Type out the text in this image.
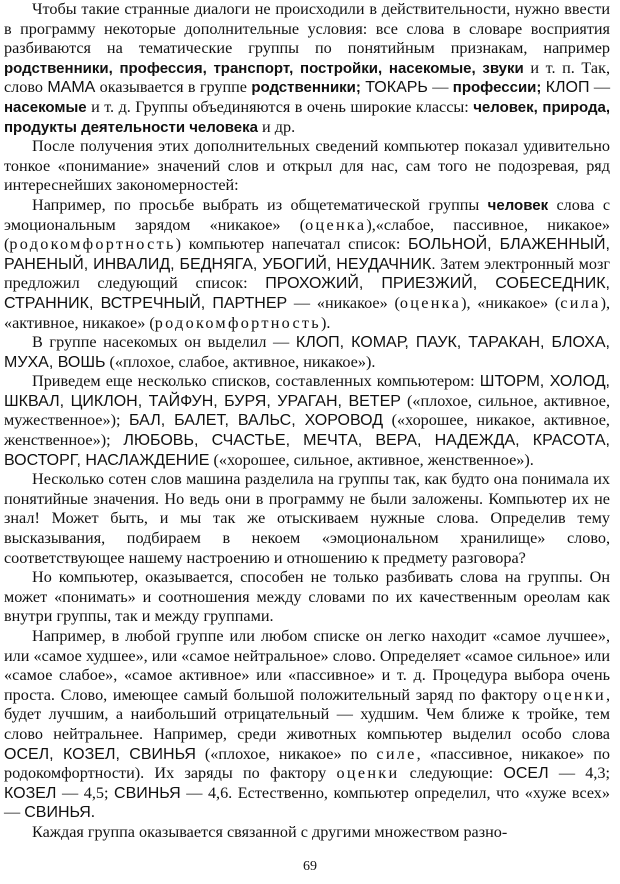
Чтобы такие странные диалоги не происходили в действительности, нужно ввести в программу некоторые дополнительные условия: все слова в словаре восприятия разбиваются на тематические группы по понятийным признакам, например родственники, профессия, транспорт, постройки, насекомые, звуки и т. п. Так, слово МАМА оказывается в группе родственники; ТОКАРЬ — профессии; КЛОП — насекомые и т. д. Группы объединяются в очень широкие классы: человек, природа, продукты деятельности человека и др.

После получения этих дополнительных сведений компьютер показал удивительно тонкое «понимание» значений слов и открыл для нас, сам того не подозревая, ряд интереснейших закономерностей:

Например, по просьбе выбрать из общетематической группы человек слова с эмоциональным зарядом «никакое» (оценка),«слабое, пассивное, никакое» (родокомфортность) компьютер напечатал список: БОЛЬНОЙ, БЛАЖЕННЫЙ, РАНЕНЫЙ, ИНВАЛИД, БЕДНЯГА, УБОГИЙ, НЕУДАЧНИК. Затем электронный мозг предложил следующий список: ПРОХОЖИЙ, ПРИЕЗЖИЙ, СОБЕСЕДНИК, СТРАННИК, ВСТРЕЧНЫЙ, ПАРТНЕР — «никакое» (оценка), «никакое» (сила), «активное, никакое» (родокомфортность).

В группе насекомых он выделил — КЛОП, КОМАР, ПАУК, ТАРАКАН, БЛОХА, МУХА, ВОШЬ («плохое, слабое, активное, никакое»).

Приведем еще несколько списков, составленных компьютером: ШТОРМ, ХОЛОД, ШКВАЛ, ЦИКЛОН, ТАЙФУН, БУРЯ, УРАГАН, ВЕТЕР («плохое, сильное, активное, мужественное»); БАЛ, БАЛЕТ, ВАЛЬС, ХОРОВОД («хорошее, никакое, активное, женственное»); ЛЮБОВЬ, СЧАСТЬЕ, МЕЧТА, ВЕРА, НАДЕЖДА, КРАСОТА, ВОСТОРГ, НАСЛАЖДЕНИЕ («хорошее, сильное, активное, женственное»).

Несколько сотен слов машина разделила на группы так, как будто она понимала их понятийные значения. Но ведь они в программу не были заложены. Компьютер их не знал! Может быть, и мы так же отыскиваем нужные слова. Определив тему высказывания, подбираем в некоем «эмоциональном хранилище» слово, соответствующее нашему настроению и отношению к предмету разговора?

Но компьютер, оказывается, способен не только разбивать слова на группы. Он может «понимать» и соотношения между словами по их качественным ореолам как внутри группы, так и между группами.

Например, в любой группе или любом списке он легко находит «самое лучшее», или «самое худшее», или «самое нейтральное» слово. Определяет «самое сильное» или «самое слабое», «самое активное» или «пассивное» и т. д. Процедура выбора очень проста. Слово, имеющее самый большой положительный заряд по фактору оценки, будет лучшим, а наибольший отрицательный — худшим. Чем ближе к тройке, тем слово нейтральнее. Например, среди животных компьютер выделил особо слова ОСЕЛ, КОЗЕЛ, СВИНЬЯ («плохое, никакое» по силе, «пассивное, никакое» по родокомфортности). Их заряды по фактору оценки следующие: ОСЕЛ — 4,3; КОЗЕЛ — 4,5; СВИНЬЯ — 4,6. Естественно, компьютер определил, что «хуже всех» — СВИНЬЯ.

Каждая группа оказывается связанной с другими множеством разно-

69
